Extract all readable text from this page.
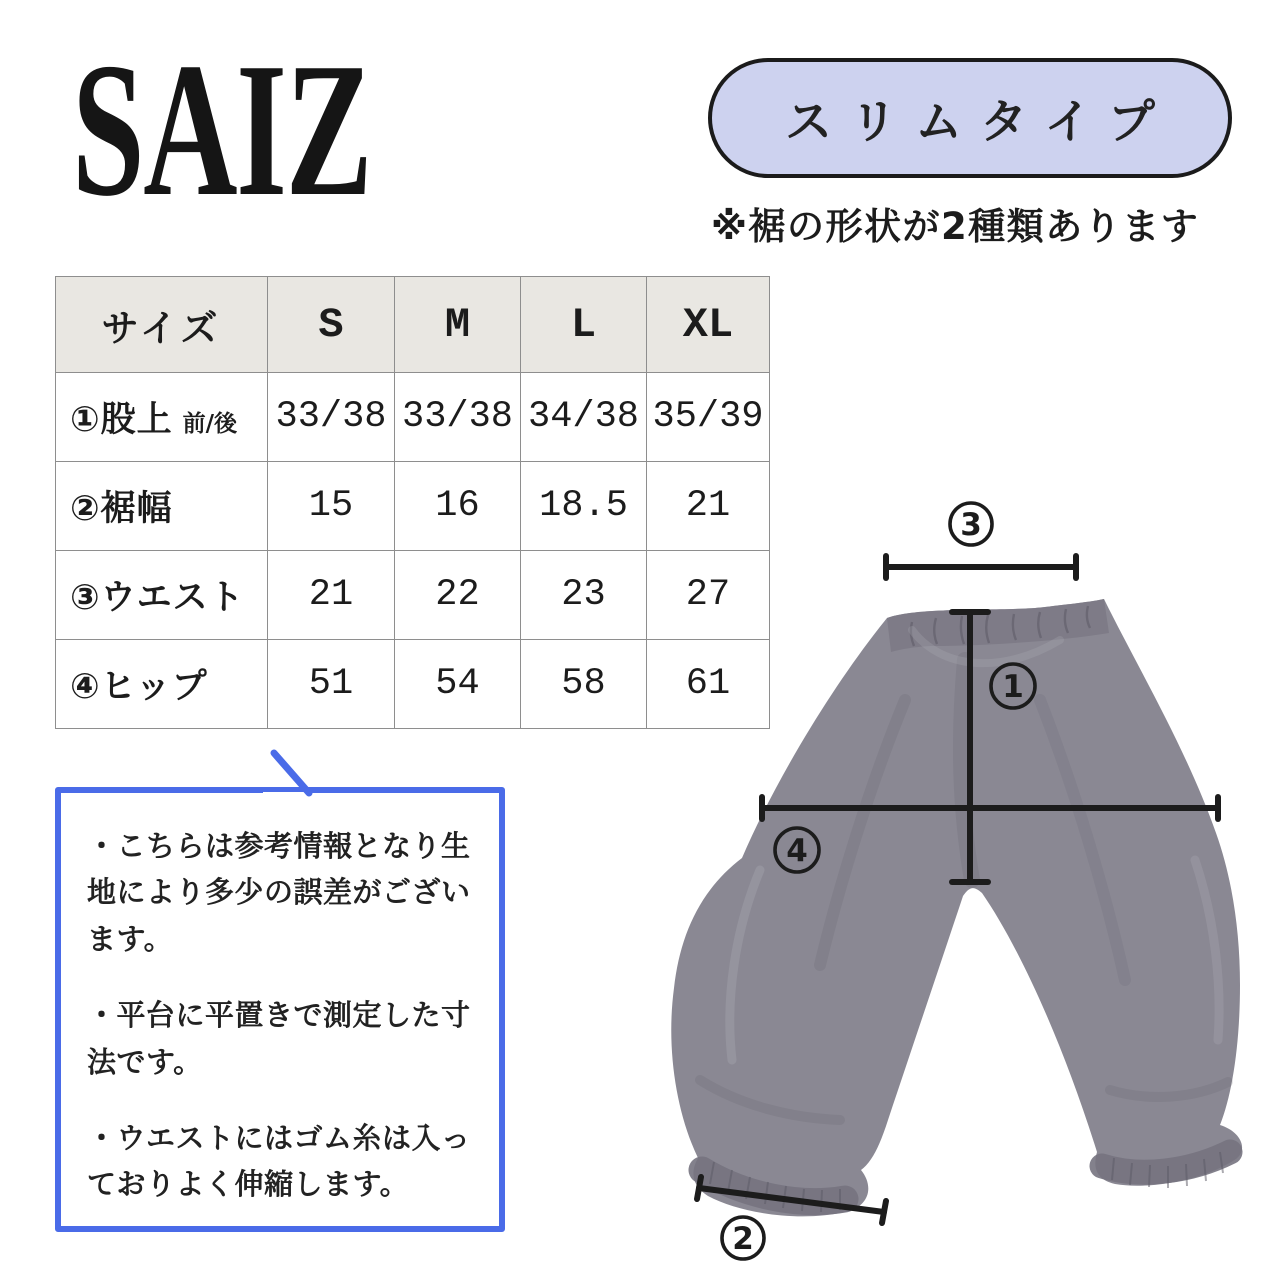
SAIZ	スリムタイプ

※裾の形状が2種類あります

サイズ	S	M	L	XL
①股上 前/後	33/38	33/38	34/38	35/39
②裾幅	15	16	18.5	21
③ウエスト	21	22	23	27
④ヒップ	51	54	58	61

・こちらは参考情報となり生地により多少の誤差がございます。

・平台に平置きで測定した寸法です。

・ウエストにはゴム糸は入っておりよく伸縮します。

3
1
4
2
